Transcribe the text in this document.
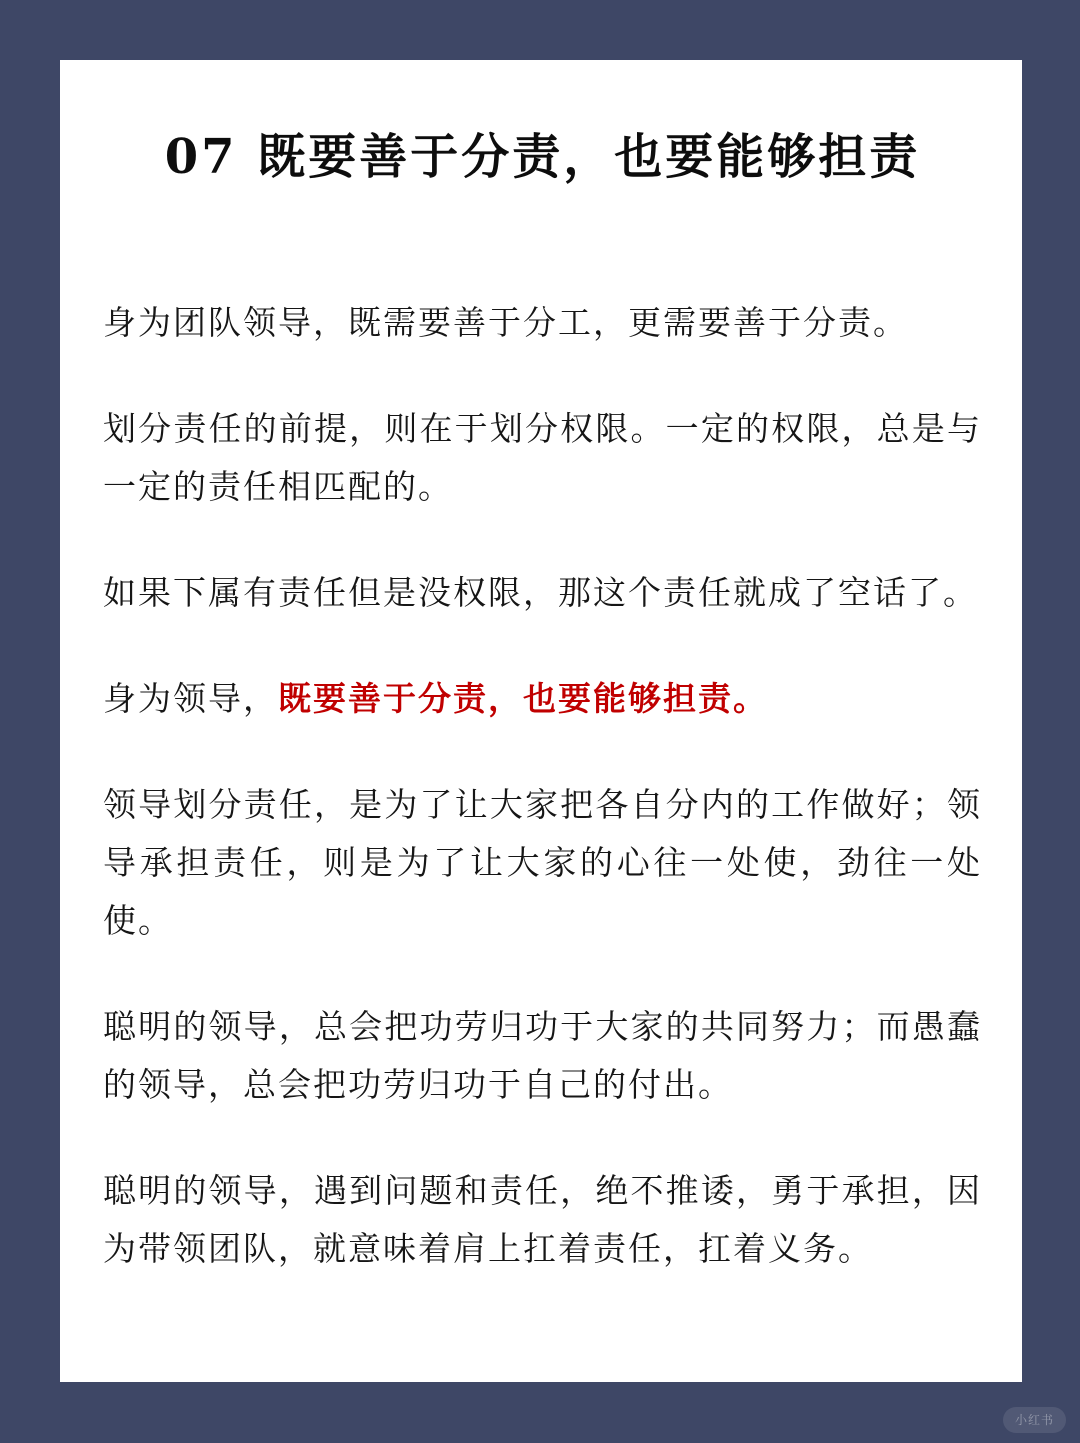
07 既要善于分责，也要能够担责

身为团队领导，既需要善于分工，更需要善于分责。

划分责任的前提，则在于划分权限。一定的权限，总是与一定的责任相匹配的。

如果下属有责任但是没权限，那这个责任就成了空话了。

身为领导，既要善于分责，也要能够担责。

领导划分责任，是为了让大家把各自分内的工作做好；领导承担责任，则是为了让大家的心往一处使，劲往一处使。

聪明的领导，总会把功劳归功于大家的共同努力；而愚蠢的领导，总会把功劳归功于自己的付出。

聪明的领导，遇到问题和责任，绝不推诿，勇于承担，因为带领团队，就意味着肩上扛着责任，扛着义务。

小红书
